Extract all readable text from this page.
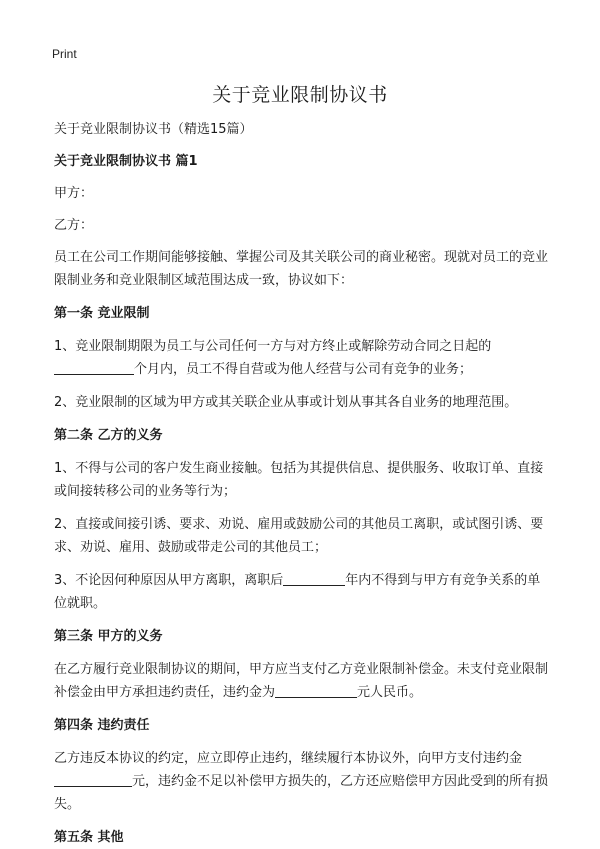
Print
关于竞业限制协议书

关于竞业限制协议书（精选15篇）

关于竞业限制协议书 篇1

甲方：

乙方：

员工在公司工作期间能够接触、掌握公司及其关联公司的商业秘密。现就对员工的竞业限制业务和竞业限制区域范围达成一致，协议如下：

第一条 竞业限制

1、竞业限制期限为员工与公司任何一方与对方终止或解除劳动合同之日起的个月内，员工不得自营或为他人经营与公司有竞争的业务；

2、竞业限制的区域为甲方或其关联企业从事或计划从事其各自业务的地理范围。

第二条 乙方的义务

1、不得与公司的客户发生商业接触。包括为其提供信息、提供服务、收取订单、直接或间接转移公司的业务等行为；

2、直接或间接引诱、要求、劝说、雇用或鼓励公司的其他员工离职，或试图引诱、要求、劝说、雇用、鼓励或带走公司的其他员工；

3、不论因何种原因从甲方离职，离职后	年内不得到与甲方有竞争关系的单位就职。

第三条 甲方的义务

在乙方履行竞业限制协议的期间，甲方应当支付乙方竞业限制补偿金。未支付竞业限制补偿金由甲方承担违约责任，违约金为	元人民币。

第四条 违约责任

乙方违反本协议的约定，应立即停止违约，继续履行本协议外，向甲方支付违约金元，违约金不足以补偿甲方损失的，乙方还应赔偿甲方因此受到的所有损失。

第五条 其他
